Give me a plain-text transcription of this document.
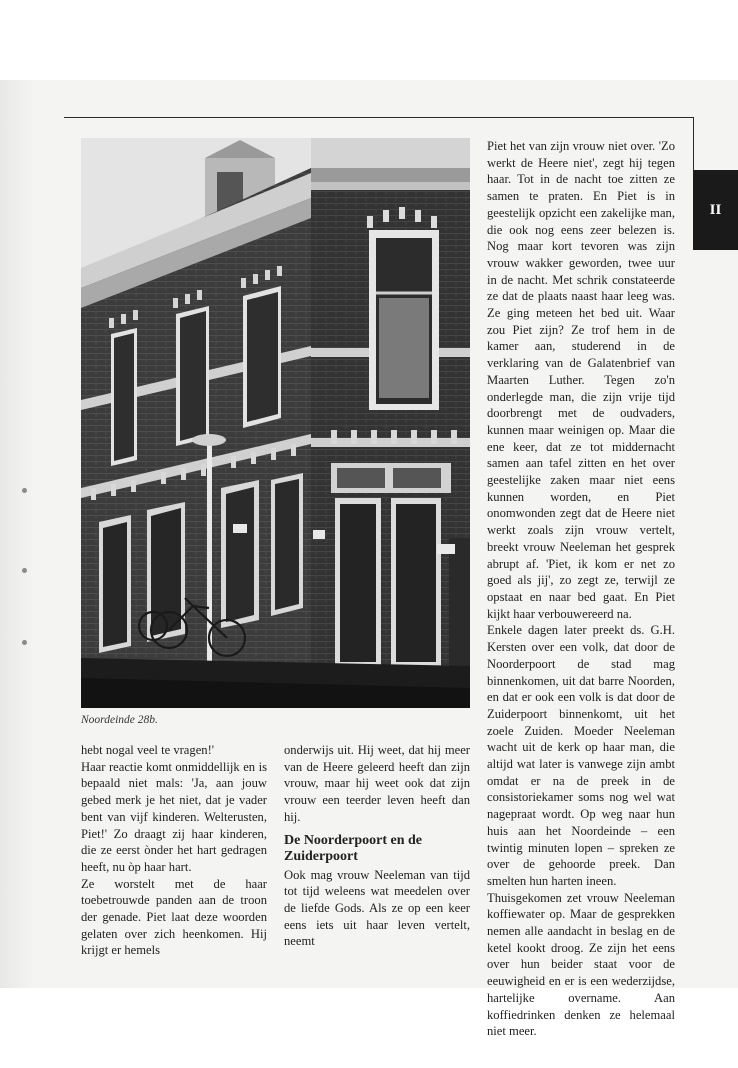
II
Noordeinde 28b.

hebt nogal veel te vragen!'

Haar reactie komt onmiddellijk en is bepaald niet mals: 'Ja, aan jouw gebed merk je het niet, dat je vader bent van vijf kinderen. Welterusten, Piet!' Zo draagt zij haar kinderen, die ze eerst ònder het hart gedragen heeft, nu òp haar hart.

Ze worstelt met de haar toebetrouwde panden aan de troon der genade. Piet laat deze woorden gelaten over zich heenkomen. Hij krijgt er hemels

onderwijs uit. Hij weet, dat hij meer van de Heere geleerd heeft dan zijn vrouw, maar hij weet ook dat zijn vrouw een teerder leven heeft dan hij.

De Noorderpoort en de Zuiderpoort

Ook mag vrouw Neeleman van tijd tot tijd weleens wat meedelen over de liefde Gods. Als ze op een keer eens iets uit haar leven vertelt, neemt

Piet het van zijn vrouw niet over. 'Zo werkt de Heere niet', zegt hij tegen haar. Tot in de nacht toe zitten ze samen te praten. En Piet is in geestelijk opzicht een zakelijke man, die ook nog eens zeer belezen is. Nog maar kort tevoren was zijn vrouw wakker geworden, twee uur in de nacht. Met schrik constateerde ze dat de plaats naast haar leeg was. Ze ging meteen het bed uit. Waar zou Piet zijn? Ze trof hem in de kamer aan, studerend in de verklaring van de Galatenbrief van Maarten Luther. Tegen zo'n onderlegde man, die zijn vrije tijd doorbrengt met de oudvaders, kunnen maar weinigen op. Maar die ene keer, dat ze tot middernacht samen aan tafel zitten en het over geestelijke zaken maar niet eens kunnen worden, en Piet onomwonden zegt dat de Heere niet werkt zoals zijn vrouw vertelt, breekt vrouw Neeleman het gesprek abrupt af. 'Piet, ik kom er net zo goed als jij', zo zegt ze, terwijl ze opstaat en naar bed gaat. En Piet kijkt haar verbouwereerd na.

Enkele dagen later preekt ds. G.H. Kersten over een volk, dat door de Noorderpoort de stad mag binnenkomen, uit dat barre Noorden, en dat er ook een volk is dat door de Zuiderpoort binnenkomt, uit het zoele Zuiden. Moeder Neeleman wacht uit de kerk op haar man, die altijd wat later is vanwege zijn ambt omdat er na de preek in de consistoriekamer soms nog wel wat nagepraat wordt. Op weg naar hun huis aan het Noordeinde – een twintig minuten lopen – spreken ze over de gehoorde preek. Dan smelten hun harten ineen.

Thuisgekomen zet vrouw Neeleman koffiewater op. Maar de gesprekken nemen alle aandacht in beslag en de ketel kookt droog. Ze zijn het eens over hun beider staat voor de eeuwigheid en er is een wederzijdse, hartelijke overname. Aan koffiedrinken denken ze helemaal niet meer.
